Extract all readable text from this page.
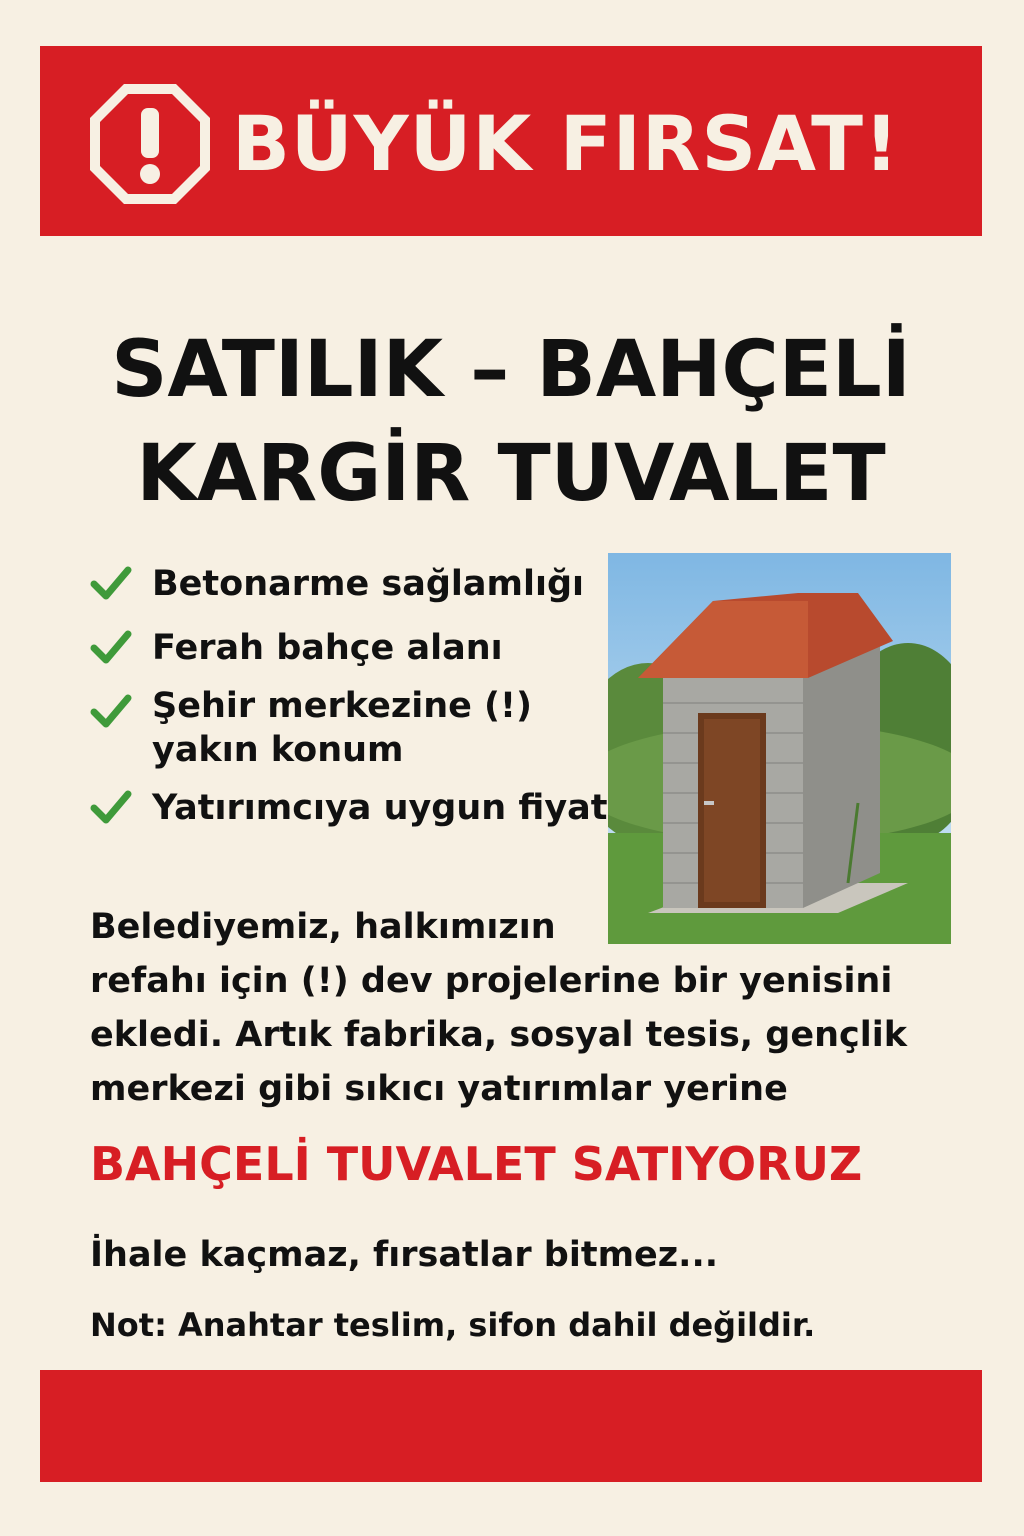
BÜYÜK FIRSAT!
SATILIK – BAHÇELİ
KARGİR TUVALET
Betonarme sağlamlığı
Ferah bahçe alanı
Şehir merkezine (!)
yakın konum
Yatırımcıya uygun fiyat
Belediyemiz, halkımızın
refahı için (!) dev projelerine bir yenisini
ekledi. Artık fabrika, sosyal tesis, gençlik
merkezi gibi sıkıcı yatırımlar yerine
BAHÇELİ TUVALET SATIYORUZ
İhale kaçmaz, fırsatlar bitmez...
Not: Anahtar teslim, sifon dahil değildir.
